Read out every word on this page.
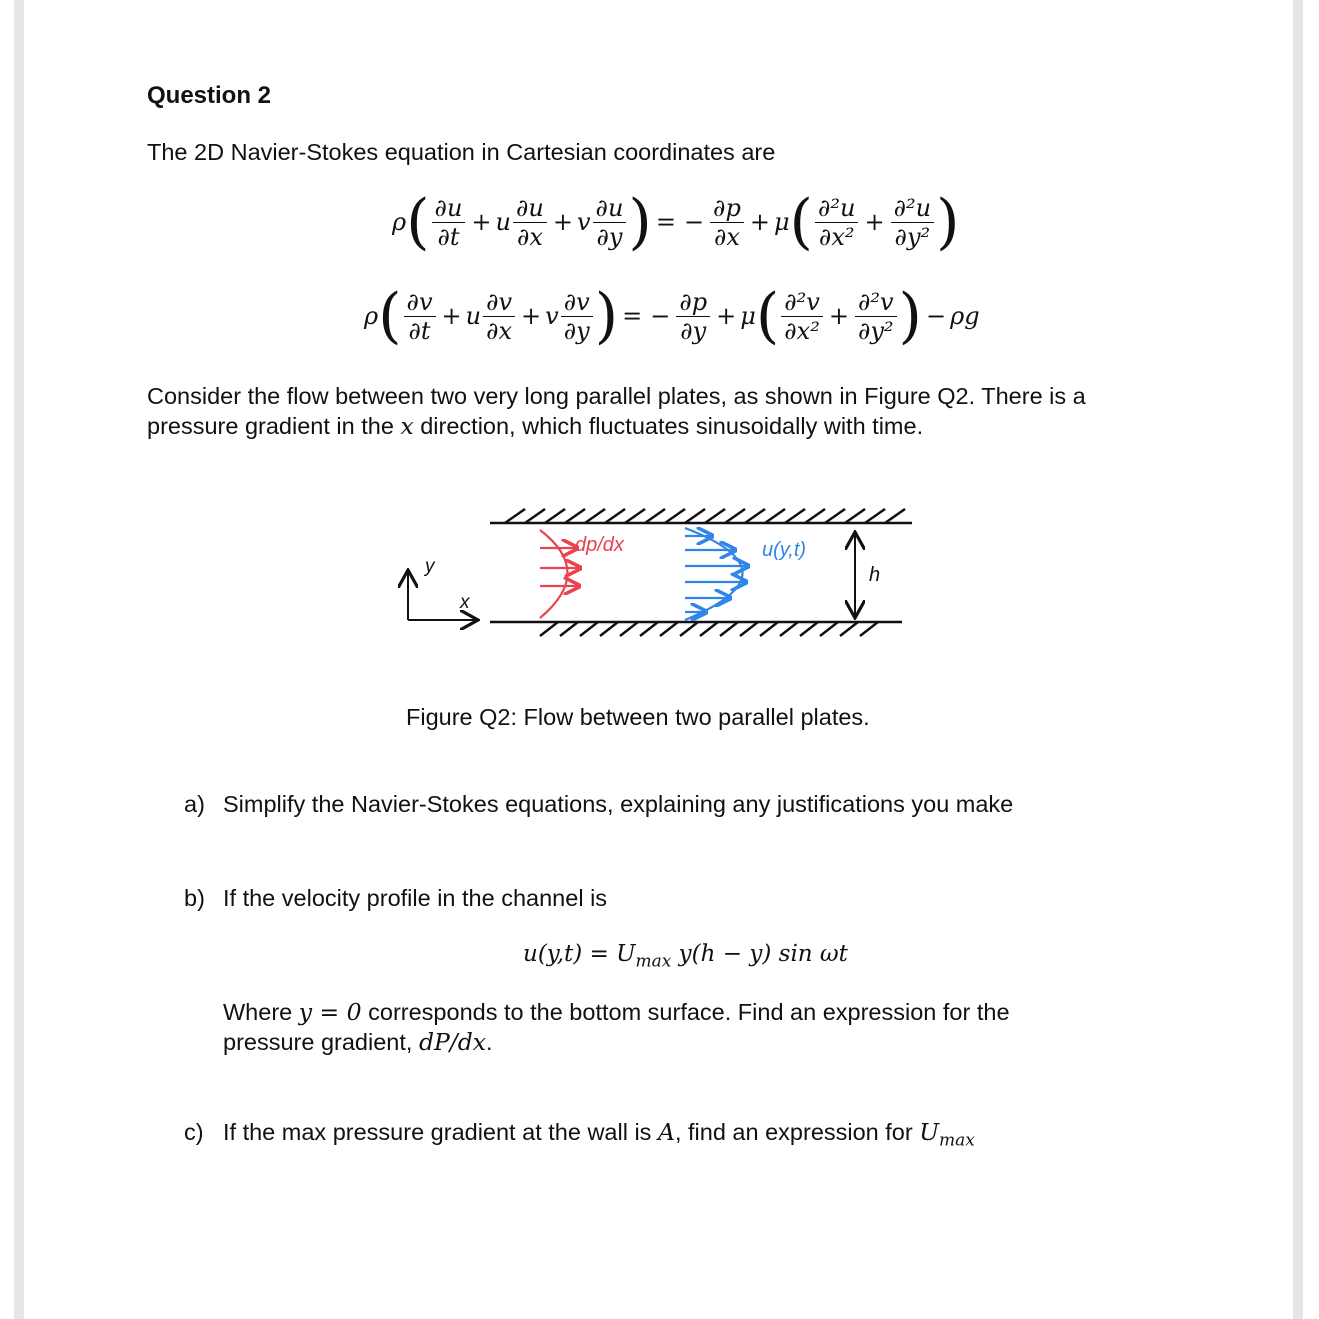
Question 2
The 2D Navier-Stokes equation in Cartesian coordinates are
$\rho( \frac{\partial u}{\partial t} + u \frac{\partial u}{\partial x} + v \frac{\partial u}{\partial y}$ ) = − $\frac{\partial p}{\partial x} + \mu( \frac{\text{∂²u}}{\text{∂x²}} + \frac{\text{∂²u}}{\text{∂y²}}$ )
$\rho( \frac{\partial v}{\partial t} + u \frac{\partial v}{\partial x} + v \frac{\partial v}{\partial y}$ ) = − $\frac{\partial p}{\partial y} + \mu( \frac{\text{∂²v}}{\text{∂x²}} + \frac{\text{∂²v}}{\text{∂y²}}$ ) − ρg
Consider the flow between two very long parallel plates, as shown in Figure Q2. There is a
pressure gradient in the x direction, which fluctuates sinusoidally with time.
dp/dx	u(y,t)
h
y
x
Figure Q2: Flow between two parallel plates.
a) Simplify the Navier-Stokes equations, explaining any justifications you make
b) If the velocity profile in the channel is
$u(y,t) = U_{max}$ y(h − y) sin ωt
Where y = 0 corresponds to the bottom surface. Find an expression for the
pressure gradient, dP/dx.
c) If the max pressure gradient at the wall is A, find an expression for $U_{max}$
